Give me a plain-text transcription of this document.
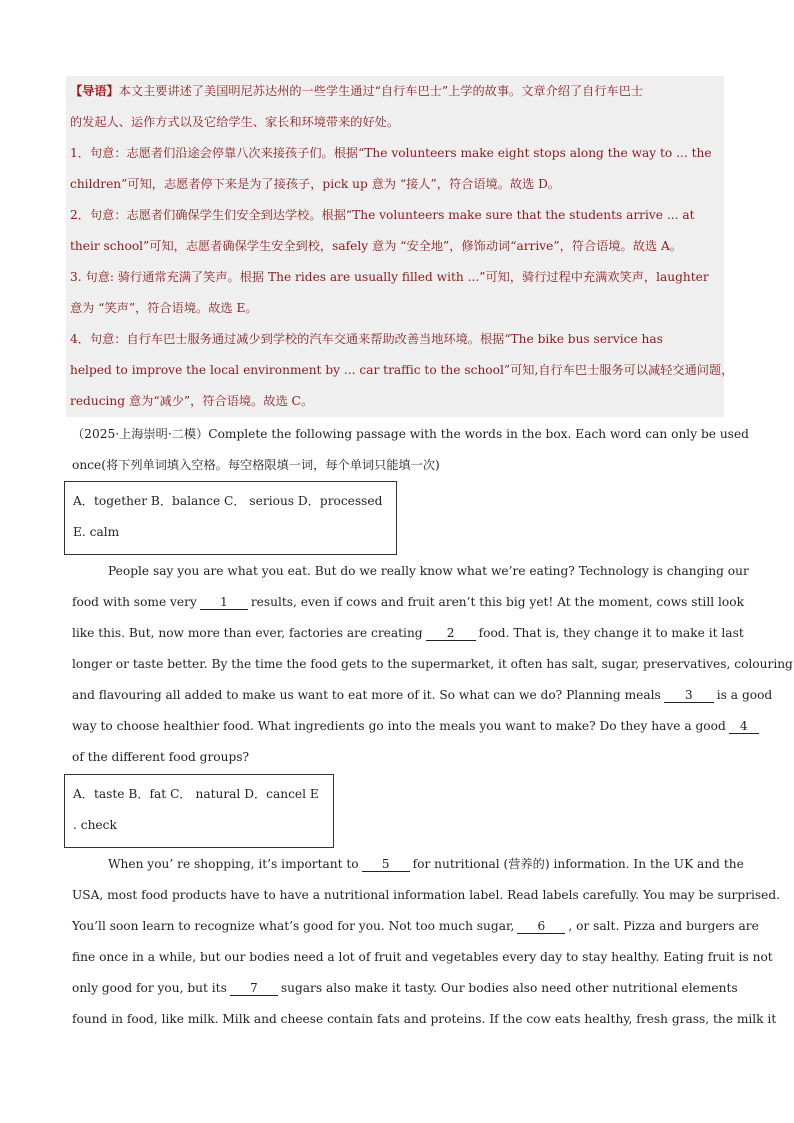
【导语】本文主要讲述了美国明尼苏达州的一些学生通过“自行车巴士”上学的故事。文章介绍了自行车巴士

的发起人、运作方式以及它给学生、家长和环境带来的好处。

1．句意：志愿者们沿途会停靠八次来接孩子们。根据“The volunteers make eight stops along the way to ... the

children”可知，志愿者停下来是为了接孩子，pick up 意为 “接人”，符合语境。故选 D。

2．句意：志愿者们确保学生们安全到达学校。根据“The volunteers make sure that the students arrive ... at

their school”可知，志愿者确保学生安全到校，safely 意为 “安全地”，修饰动词“arrive”，符合语境。故选 A。

3. 句意: 骑行通常充满了笑声。根据 The rides are usually filled with ...”可知，骑行过程中充满欢笑声，laughter

意为 “笑声”，符合语境。故选 E。

4．句意：自行车巴士服务通过减少到学校的汽车交通来帮助改善当地环境。根据“The bike bus service has

helped to improve the local environment by ... car traffic to the school”可知,自行车巴士服务可以减轻交通问题，

reducing 意为“减少”，符合语境。故选 C。

（2025·上海崇明·二模）Complete the following passage with the words in the box. Each word can only be used

once(将下列单词填入空格。每空格限填一词，每个单词只能填一次)

A．together B．balance C． serious D．processed

E. calm

People say you are what you eat. But do we really know what we’re eating? Technology is changing our

food with some very 1 results, even if cows and fruit aren’t this big yet! At the moment, cows still look

like this. But, now more than ever, factories are creating 2 food. That is, they change it to make it last

longer or taste better. By the time the food gets to the supermarket, it often has salt, sugar, preservatives, colouring

and flavouring all added to make us want to eat more of it. So what can we do? Planning meals 3 is a good

way to choose healthier food. What ingredients go into the meals you want to make? Do they have a good 4

of the different food groups?

A．taste B．fat C． natural D．cancel E

. check

When you’ re shopping, it’s important to 5 for nutritional (营养的) information. In the UK and the

USA, most food products have to have a nutritional information label. Read labels carefully. You may be surprised.

You’ll soon learn to recognize what’s good for you. Not too much sugar, 6 , or salt. Pizza and burgers are

fine once in a while, but our bodies need a lot of fruit and vegetables every day to stay healthy. Eating fruit is not

only good for you, but its 7 sugars also make it tasty. Our bodies also need other nutritional elements

found in food, like milk. Milk and cheese contain fats and proteins. If the cow eats healthy, fresh grass, the milk it
